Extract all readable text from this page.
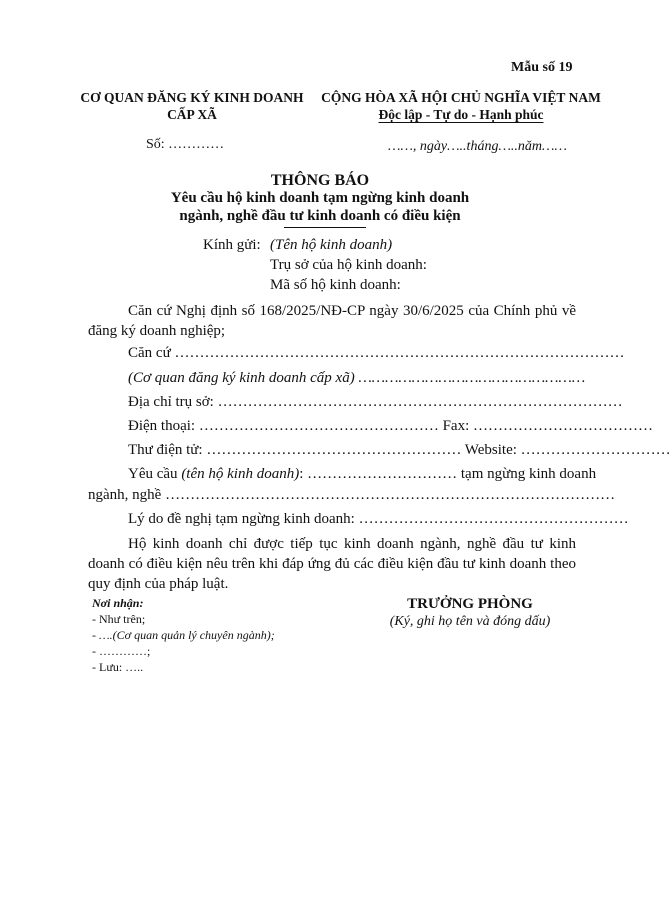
Mẫu số 19
CƠ QUAN ĐĂNG KÝ KINH DOANH
CẤP XÃ
Số: …………
CỘNG HÒA XÃ HỘI CHỦ NGHĨA VIỆT NAM
Độc lập - Tự do - Hạnh phúc
……, ngày…..tháng…..năm……
THÔNG BÁO
Yêu cầu hộ kinh doanh tạm ngừng kinh doanh
ngành, nghề đầu tư kinh doanh có điều kiện
Kính gửi: (Tên hộ kinh doanh)
Trụ sở của hộ kinh doanh:
Mã số hộ kinh doanh:
Căn cứ Nghị định số 168/2025/NĐ-CP ngày 30/6/2025 của Chính phủ về đăng ký doanh nghiệp;
Căn cứ ………………………………………………………………………………
(Cơ quan đăng ký kinh doanh cấp xã) ……………………………………………
Địa chỉ trụ sở: ………………………………………………………………………
Điện thoại: ………………………………………… Fax: ………………………………
Thư điện tử: …………………………………………… Website: …………………………
Yêu cầu (tên hộ kinh doanh): ………………………… tạm ngừng kinh doanh
ngành, nghề ………………………………………………………………………………
Lý do đề nghị tạm ngừng kinh doanh: ………………………………………………
Hộ kinh doanh chỉ được tiếp tục kinh doanh ngành, nghề đầu tư kinh doanh có điều kiện nêu trên khi đáp ứng đủ các điều kiện đầu tư kinh doanh theo quy định của pháp luật.
Nơi nhận:
- Như trên;
- ….(Cơ quan quản lý chuyên ngành);
- …………;
- Lưu: …..
TRƯỞNG PHÒNG
(Ký, ghi họ tên và đóng dấu)
